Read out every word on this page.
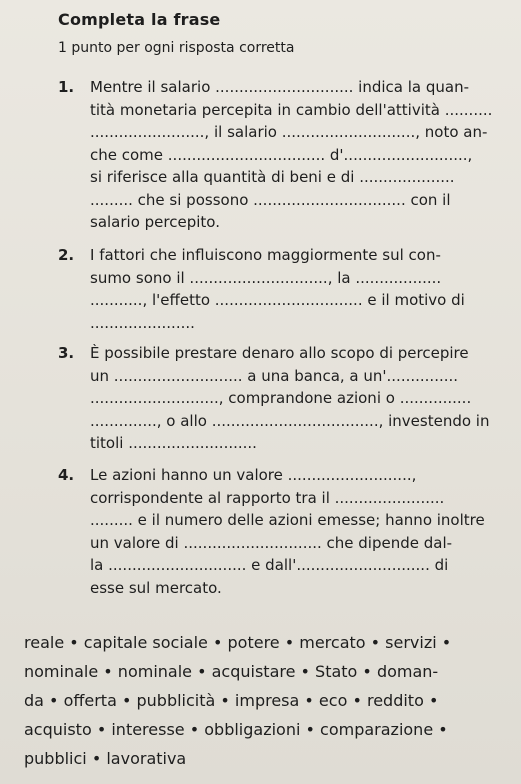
Completa la frase
1 punto per ogni risposta corretta
1. Mentre il salario ............................. indica la quan-
tità monetaria percepita in cambio dell'attività ..........
........................, il salario ............................, noto an-
che come ................................. d'..........................,
si riferisce alla quantità di beni e di ....................
......... che si possono ................................ con il
salario percepito.
2. I fattori che influiscono maggiormente sul con-
sumo sono il ............................., la ..................
..........., l'effetto ............................... e il motivo di
......................
3. È possibile prestare denaro allo scopo di percepire
un ........................... a una banca, a un'...............
..........................., comprandone azioni o ...............
.............., o allo ..................................., investendo in
titoli ...........................
4. Le azioni hanno un valore ..........................,
corrispondente al rapporto tra il .......................
......... e il numero delle azioni emesse; hanno inoltre
un valore di ............................. che dipende dal-
la ............................. e dall'............................ di
esse sul mercato.
reale • capitale sociale • potere • mercato • servizi •
nominale • nominale • acquistare • Stato • doman-
da • offerta • pubblicità • impresa • eco • reddito •
acquisto • interesse • obbligazioni • comparazione •
pubblici • lavorativa
